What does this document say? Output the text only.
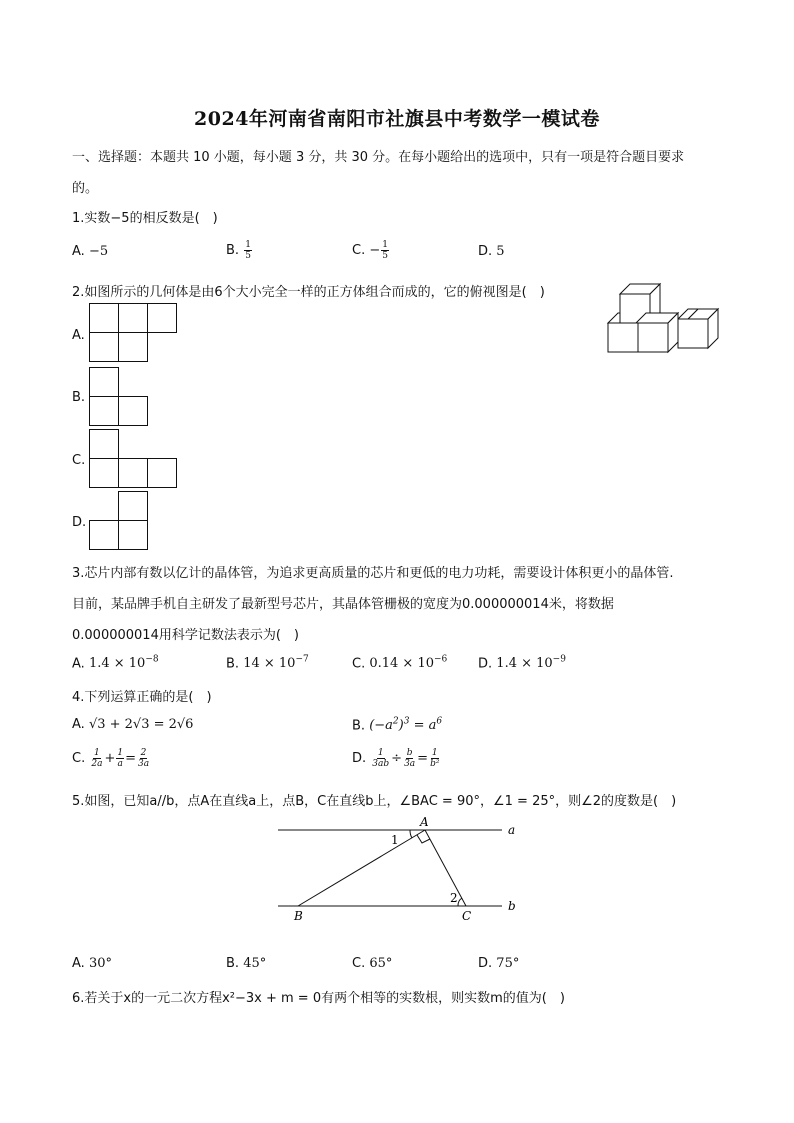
2024年河南省南阳市社旗县中考数学一模试卷
一、选择题：本题共 10 小题，每小题 3 分，共 30 分。在每小题给出的选项中，只有一项是符合题目要求
的。
1.实数−5的相反数是(　)
A. −5	B. $\frac{1}{5}$	C. − $\frac{1}{5}$	D. 5
2.如图所示的几何体是由6个大小完全一样的正方体组合而成的，它的俯视图是(　)
A.
B.
C.
D.
3.芯片内部有数以亿计的晶体管，为追求更高质量的芯片和更低的电力功耗，需要设计体积更小的晶体管.
目前，某品牌手机自主研发了最新型号芯片，其晶体管栅极的宽度为0.000000014米，将数据
0.000000014用科学记数法表示为(　)
A. $1.4 \times 10^{-8}$	B. $14 \times 10^{-7}$	C. $0.14 \times 10^{-6}$ D. $1.4 \times 10^{-9}$
4.下列运算正确的是(　)
A. √3 + 2√3 = 2√6	B. $(-a^2)^3 = a^6$
C. $\frac{1}{2a} + \frac{1}{a} = \frac{2}{3a}$	D. $\frac{1}{3ab} \div \frac{b}{3a} = \frac{1}{\text{b²}}$
5.如图，已知a//b，点A在直线a上，点B，C在直线b上，∠BAC = 90°，∠1 = 25°，则∠2的度数是(　)
A
a
b
B	C
1
2
A. 30°	B. 45°	C. 65°	D. 75°
6.若关于x的一元二次方程x²−3x + m = 0有两个相等的实数根，则实数m的值为(　)
